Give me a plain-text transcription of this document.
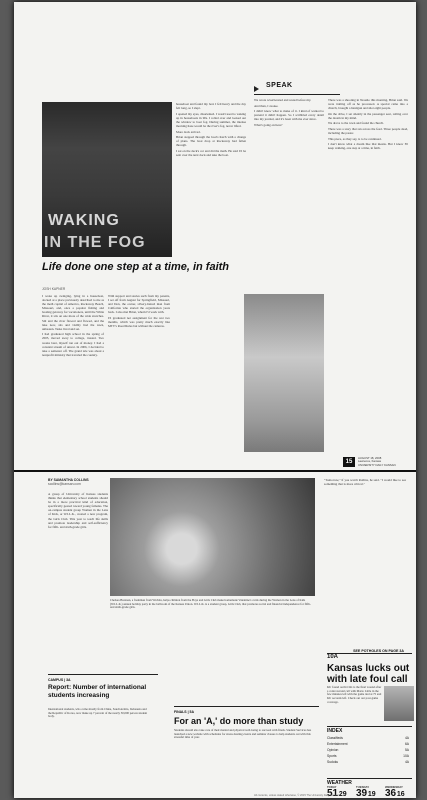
SPEAK
WAKING
IN THE FOG
Life done one step at a time, in faith
JOSH KAPNER

I woke up swinging, lying in a houseboat, docked at a place previously described to me as the meth capital of America, Rockaway Beach, Missouri, and, once a popular fishing and boating getaway for vacationers, until the White River, it sits on one more of the wide stretches. Silt and the river flowed and flowed, and the lake now, sits and visibly had the town, unbeaten. Tasks lived and set.

I had graduated high school in the spring of 2005, moved away to college, trusted. Two weeks later, myself ran out of money. I had a constant stream of unrest. In 2006, I decided to take a semester off. The grand tale was about a nonprofit ministry that traveled the country.

With support and stories such from my parents, I set off from August for Springfield, Missouri, and Don, the owner, silvery-haired man from California who started the organization years back. I also met Brian, whom I'd work with.

I'd graduated not assignment for the rest two months, which was pretty much exactly like MTV's Road Rules but without the cameras.

houseboat and found my bed. I felt heavy and the day felt long, so I slept.

I opened my eyes, disoriented. I wasn't used to waking up in houseboats in 90s. I rolled over and looked out the window to boat fog. During summer, the intense morning haze would be the river's fog, never lifted.

More dock arrived.

Brian stepped through the boat's hatch with a change of plans. The boat drop at Rockaway had fallen through.

I sat on the deck's cot and did the math. He said I'd be sent over the next dock and take the boat.

We wrote reverberated and rested before my.

And then, I awoke.

I didn't know what to make of it. I kind of wanted to pretend it didn't happen. So I scribbled every detail into my journal, and it's been with me ever since.

What's going on here?

There was a shooting in Neosho this morning, Brian said. We were trailing off as he processed. A special came into a church, brought a handgun and shot eight people.

On the drive, I sat silently in the passenger seat, rolling over the dream in my mind.

We drove to the town and found the church.

There was a story that ran across the feed. Three people dead, including the pastor.

This piece, as they say, is to be continued.

I don't know what a dream like that means. But I know I'll keep walking, one step at a time, in faith.

15
AUGUST 18, 2008
Lawrence, Kansas
UNIVERSITY DAILY KANSAN
BY SAMANTHA COLLINS
scollins@kansan.com

A group of University of Kansas students thinks that elementary school students should be in a more practical kind of education, specifically geared toward young females. The on-campus student group Women in the Lens of Kids, or W.I.L.K., created a new program, the Girls Club. This year to teach life skills and promote leadership and self-sufficiency for fifth- and sixth-grade girls.

Chelsea Brennan, a freshman from Wichita, helps children from the Boys and Girls Club make homemade Valentine's cards during the Women in the Lens of Kids (W.I.L.K.) annual holiday party in the ballroom of the Kansas Union. W.I.L.K. is a student group, Girls Club, that promotes social and financial independence for fifth- and sixth-grade girls.

"Tomorrow," if you watch Rollins, he said. "I would like to see something that is more critical."

SEE POTHOLES ON PAGE 3A
10A
Kansas lucks out with late foul call
KU found out KCLK is the final wound after a controversial call with Mario Little in the few minutes left with the game tied at 75 and KU seconds left. Check out our post-game coverage.
INDEX
Classifieds	4A
Entertainment	6A
Opinion	5A
Sports	10A
Sudoku	4A
WEATHER
TODAY
51 29
TUESDAY
39 19
WEDNESDAY
36 16
CAMPUS | 3A
Report: Number of international students increasing
International students, who come mostly from China, Saudi Arabia, Indonesia and the Republic of Korea, now make up 7 percent of the nearly 30,000 person student body.
FINALS | 5A
For an 'A,' do more than study
Students should also take care of their mental and physical well-being to succeed with finals. Student Services has launched a new website with schedules for stress-busting events and seminar classes to help students out with this stressful time of year.
All contents, unless stated otherwise, © 2015 The University Daily Kansan
